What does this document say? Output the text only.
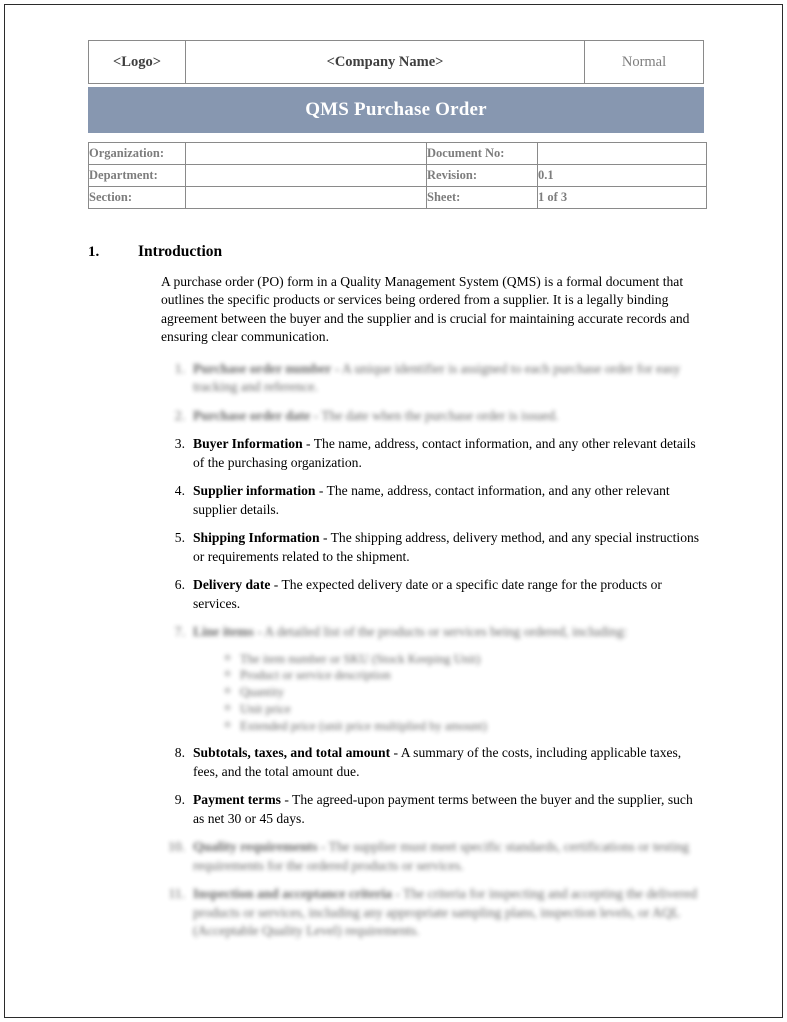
<Logo>	<Company Name>	Normal
QMS Purchase Order
Organization:		Document No:	
Department:		Revision:	0.1
Section:		Sheet:	1 of 3
1.	Introduction

A purchase order (PO) form in a Quality Management System (QMS) is a formal document that outlines the specific products or services being ordered from a supplier. It is a legally binding agreement between the buyer and the supplier and is crucial for maintaining accurate records and ensuring clear communication.

1. Purchase order number - A unique identifier is assigned to each purchase order for easy tracking and reference.
2. Purchase order date - The date when the purchase order is issued.
3. Buyer Information - The name, address, contact information, and any other relevant details of the purchasing organization.
4. Supplier information - The name, address, contact information, and any other relevant supplier details.
5. Shipping Information - The shipping address, delivery method, and any special instructions or requirements related to the shipment.
6. Delivery date - The expected delivery date or a specific date range for the products or services.
7. Line items - A detailed list of the products or services being ordered, including:
The item number or SKU (Stock Keeping Unit)
Product or service description
Quantity
Unit price
Extended price (unit price multiplied by amount)
8. Subtotals, taxes, and total amount - A summary of the costs, including applicable taxes, fees, and the total amount due.
9. Payment terms - The agreed-upon payment terms between the buyer and the supplier, such as net 30 or 45 days.
10. Quality requirements - The supplier must meet specific standards, certifications or testing requirements for the ordered products or services.
11. Inspection and acceptance criteria - The criteria for inspecting and accepting the delivered products or services, including any appropriate sampling plans, inspection levels, or AQL (Acceptable Quality Level) requirements.
